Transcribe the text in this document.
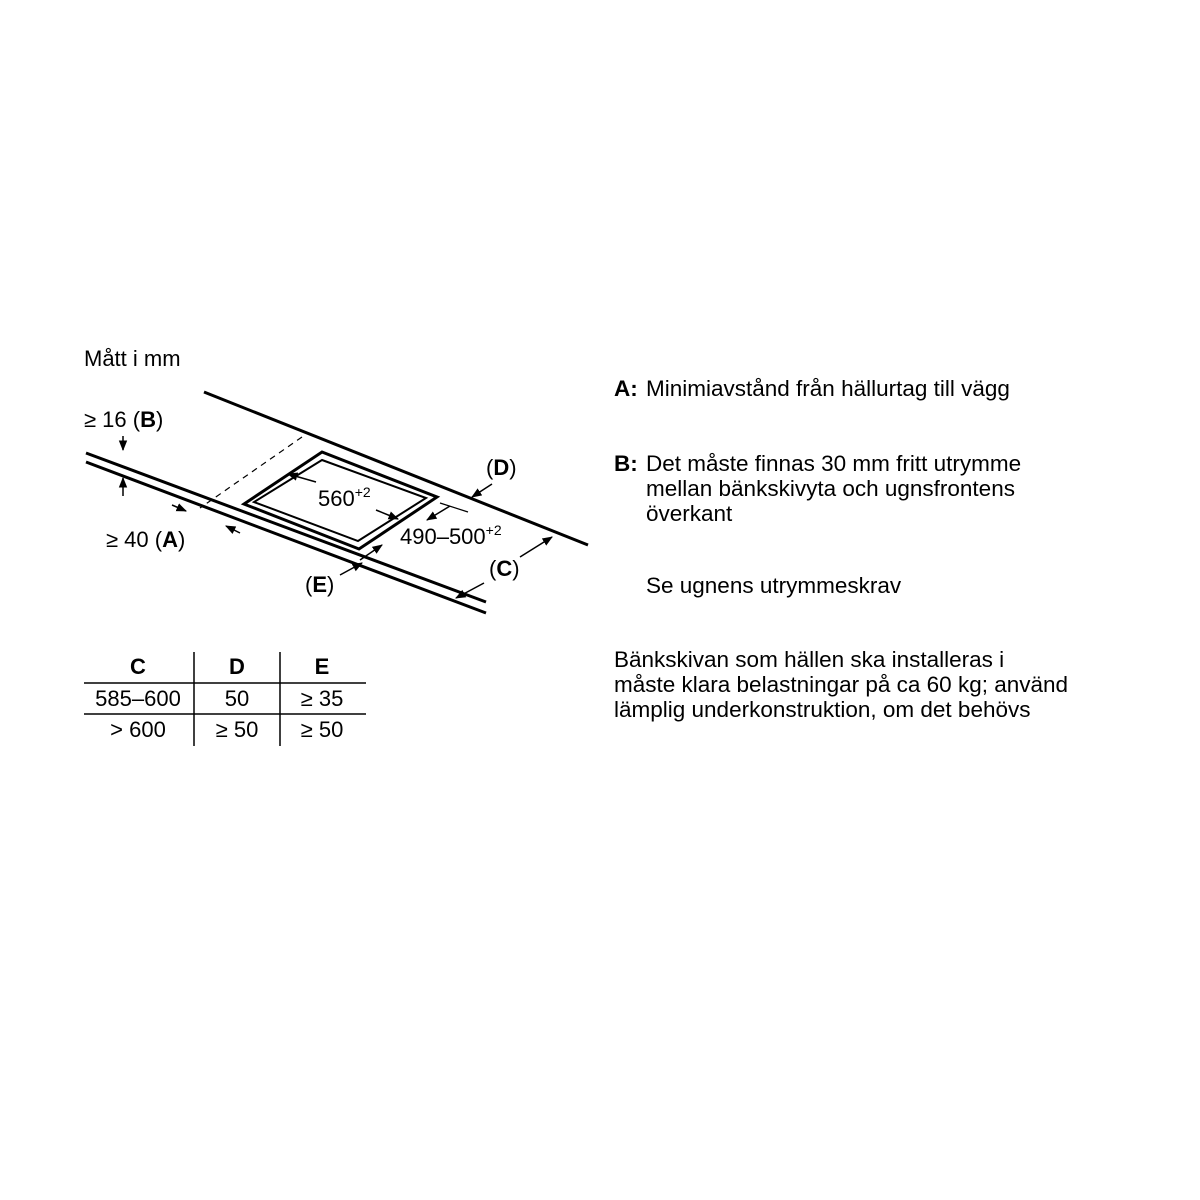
Mått i mm
≥ 16 (B)
≥ 40 (A)
$560^{+2}$
$490-500^{+2}$
(D)
(C)
(E)
C	D	E
585–600 50 ≥ 35
> 600 ≥ 50 ≥ 50
A: Minimiavstånd från hällurtag till vägg
B: Det måste finnas 30 mm fritt utrymme
mellan bänkskivyta och ugnsfrontens
överkant
Se ugnens utrymmeskrav
Bänkskivan som hällen ska installeras i
måste klara belastningar på ca 60 kg; använd
lämplig underkonstruktion, om det behövs
